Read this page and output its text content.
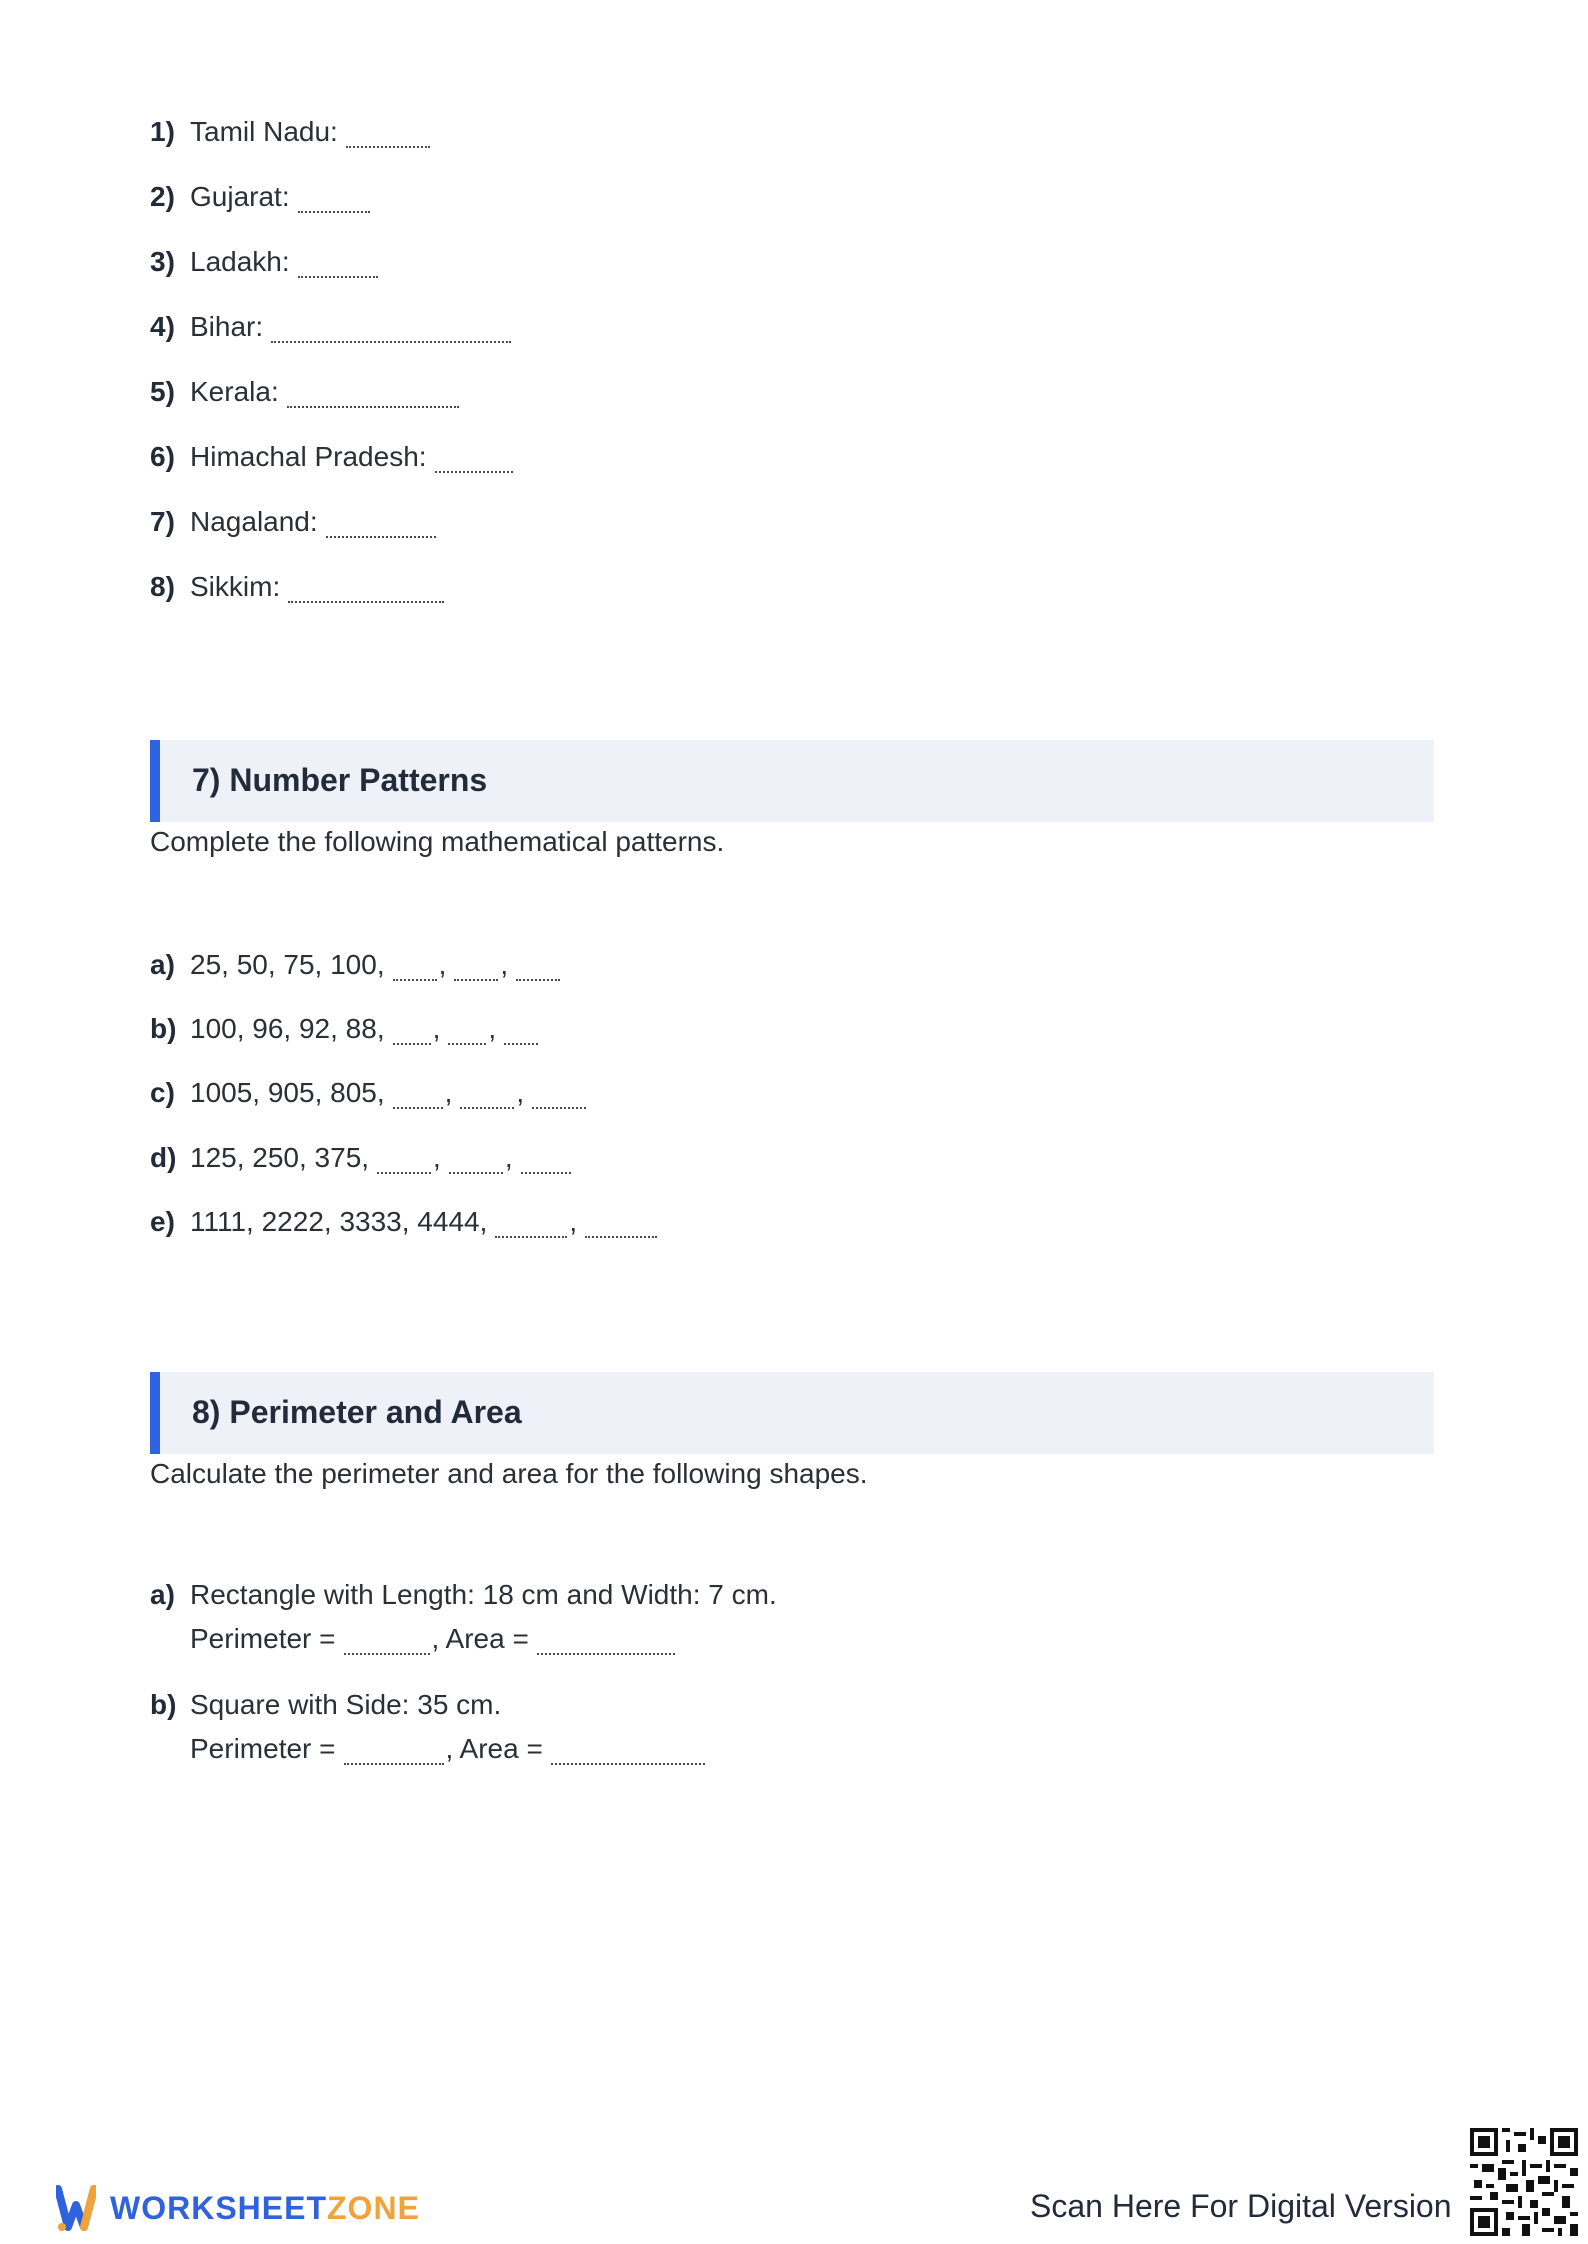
1) Tamil Nadu:
2) Gujarat:
3) Ladakh:
4) Bihar:
5) Kerala:
6) Himachal Pradesh:
7) Nagaland:
8) Sikkim:
7) Number Patterns
Complete the following mathematical patterns.
a) 25, 50, 75, 100, , ,
b) 100, 96, 92, 88, , ,
c) 1005, 905, 805, , ,
d) 125, 250, 375, , ,
e) 1111, 2222, 3333, 4444,	,
8) Perimeter and Area
Calculate the perimeter and area for the following shapes.
a) Rectangle with Length: 18 cm and Width: 7 cm.
Perimeter =	, Area =
b) Square with Side: 35 cm.
Perimeter =	, Area =
WORKSHEETZONE	Scan Here For Digital Version
